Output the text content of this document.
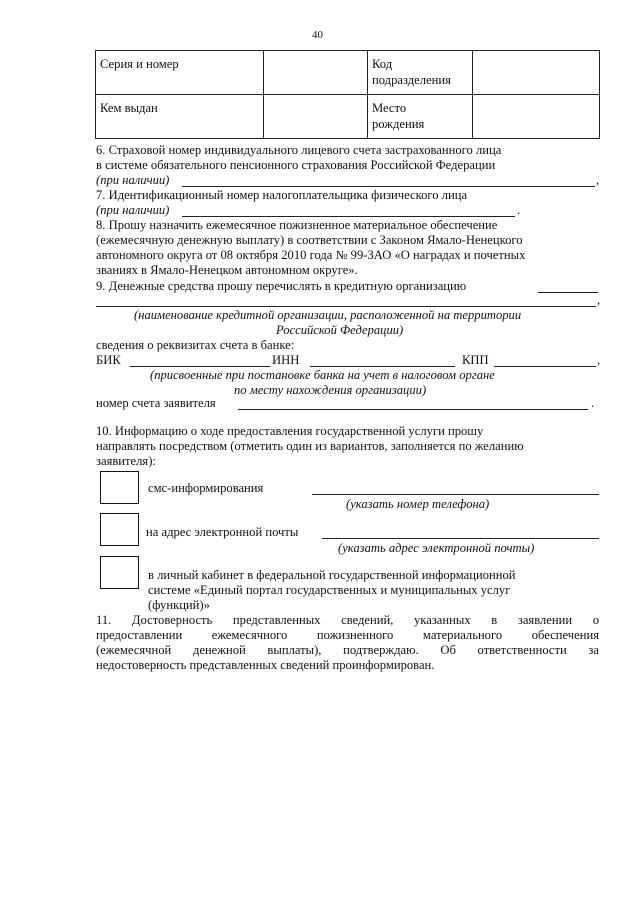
40
Серия и номер		Код
подразделения	
Кем выдан		Место
рождения	
6. Страховой номер индивидуального лицевого счета застрахованного лица
в системе обязательного пенсионного страхования Российской Федерации
(при наличии)	,
7. Идентификационный номер налогоплательщика физического лица
(при наличии)	.
8. Прошу назначить ежемесячное пожизненное материальное обеспечение
(ежемесячную денежную выплату) в соответствии с Законом Ямало-Ненецкого
автономного округа от 08 октября 2010 года № 99-ЗАО «О наградах и почетных
званиях в Ямало-Ненецком автономном округе».
9. Денежные средства прошу перечислять в кредитную организацию
,
(наименование кредитной организации, расположенной на территории
Российской Федерации)
сведения о реквизитах счета в банке:
БИК	ИНН	КПП	,
(присвоенные при постановке банка на учет в налоговом органе
по месту нахождения организации)
номер счета заявителя	.
10. Информацию о ходе предоставления государственной услуги прошу
направлять посредством (отметить один из вариантов, заполняется по желанию
заявителя):
смс-информирования
(указать номер телефона)
на адрес электронной почты
(указать адрес электронной почты)
в личный кабинет в федеральной государственной информационной
системе «Единый портал государственных и муниципальных услуг
(функций)»
11. Достоверность представленных сведений, указанных в заявлении о
предоставлении ежемесячного пожизненного материального обеспечения
(ежемесячной денежной выплаты), подтверждаю. Об ответственности за
недостоверность представленных сведений проинформирован.
